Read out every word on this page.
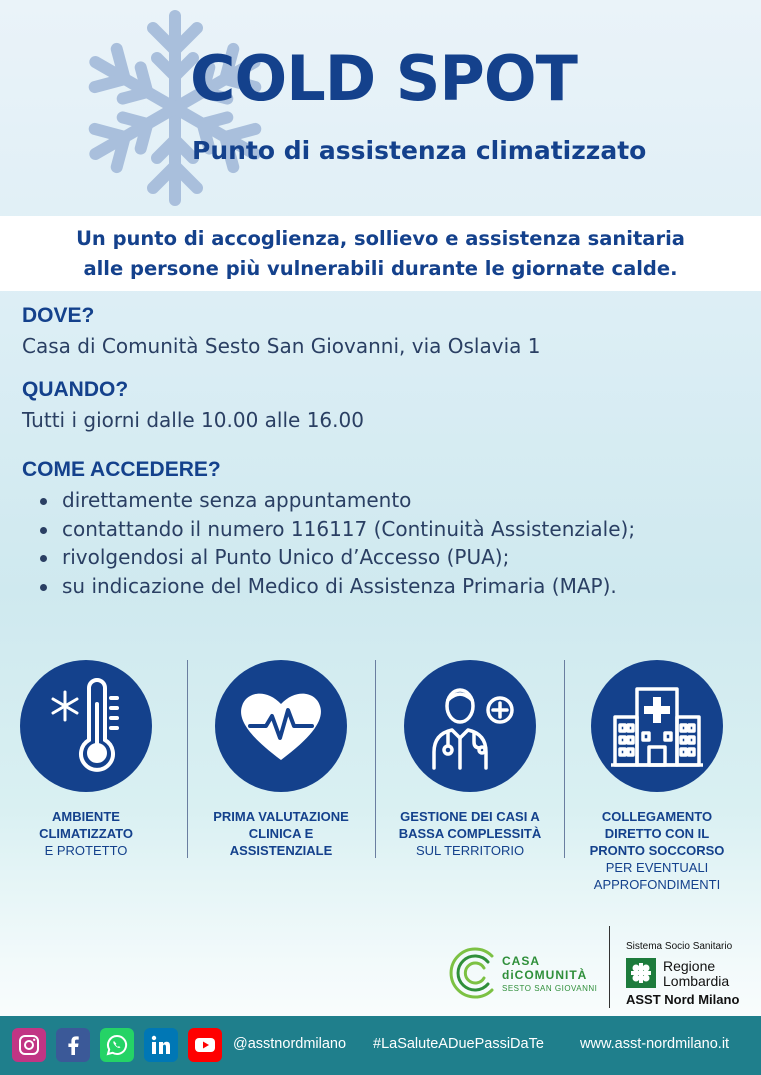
COLD SPOT
Punto di assistenza climatizzato
Un punto di accoglienza, sollievo e assistenza sanitaria
alle persone più vulnerabili durante le giornate calde.
DOVE?
Casa di Comunità Sesto San Giovanni, via Oslavia 1
QUANDO?
Tutti i giorni dalle 10.00 alle 16.00
COME ACCEDERE?
direttamente senza appuntamento
contattando il numero 116117 (Continuità Assistenziale);
rivolgendosi al Punto Unico d’Accesso (PUA);
su indicazione del Medico di Assistenza Primaria (MAP).
AMBIENTE
CLIMATIZZATO
E PROTETTO
PRIMA VALUTAZIONE
CLINICA E
ASSISTENZIALE
GESTIONE DEI CASI A
BASSA COMPLESSITÀ
SUL TERRITORIO
COLLEGAMENTO
DIRETTO CON IL
PRONTO SOCCORSO
PER EVENTUALI
APPROFONDIMENTI
CASA
diCOMUNITÀ
SESTO SAN GIOVANNI
Sistema Socio Sanitario
Regione
Lombardia
ASST Nord Milano
@asstnordmilano #LaSaluteADuePassiDaTe www.asst-nordmilano.it
